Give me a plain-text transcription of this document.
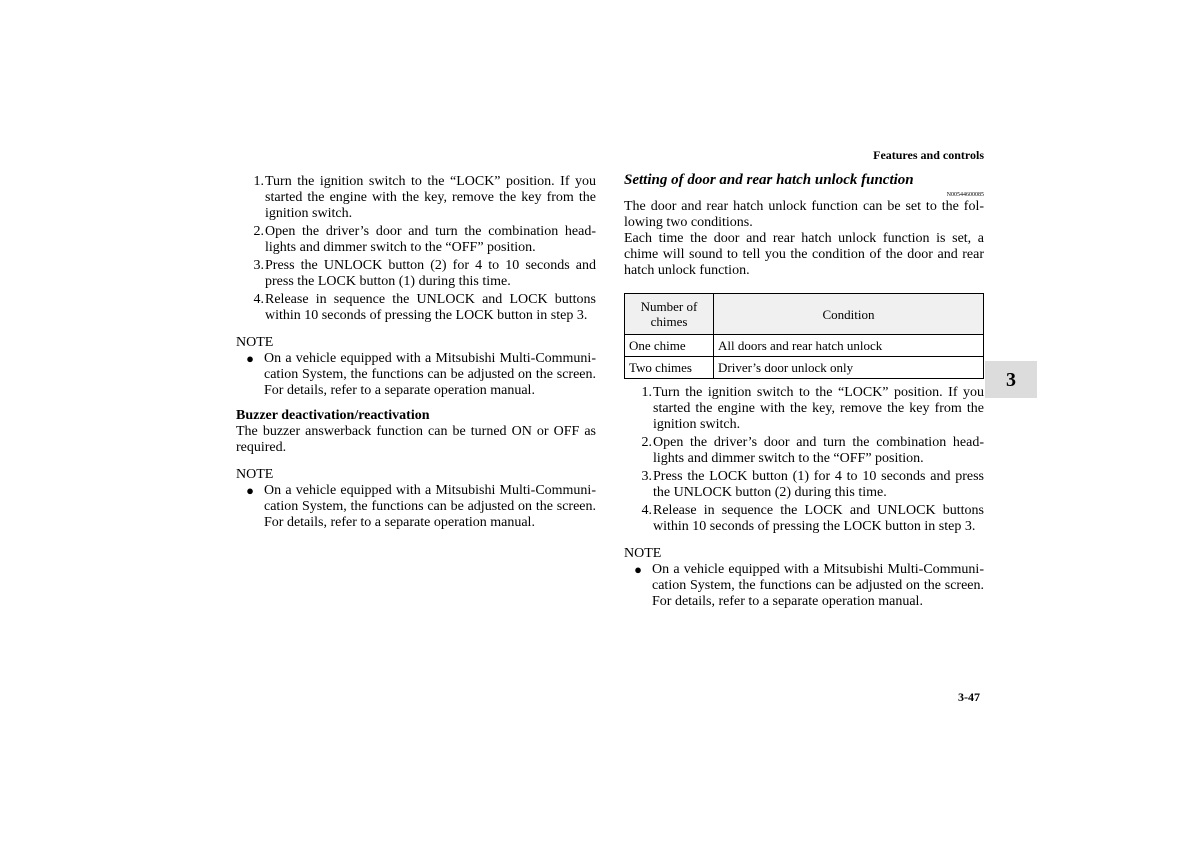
Features and controls
3
1. Turn the ignition switch to the “LOCK” position. If you started the engine with the key, remove the key from the ignition switch.
2. Open the driver’s door and turn the combination head-lights and dimmer switch to the “OFF” position.
3. Press the UNLOCK button (2) for 4 to 10 seconds and press the LOCK button (1) during this time.
4. Release in sequence the UNLOCK and LOCK buttons within 10 seconds of pressing the LOCK button in step 3.
NOTE
● On a vehicle equipped with a Mitsubishi Multi-Communi-cation System, the functions can be adjusted on the screen. For details, refer to a separate operation manual.
Buzzer deactivation/reactivation
The buzzer answerback function can be turned ON or OFF as required.
NOTE
● On a vehicle equipped with a Mitsubishi Multi-Communi-cation System, the functions can be adjusted on the screen. For details, refer to a separate operation manual.
Setting of door and rear hatch unlock function
N00544600085
The door and rear hatch unlock function can be set to the fol-lowing two conditions.
Each time the door and rear hatch unlock function is set, a chime will sound to tell you the condition of the door and rear hatch unlock function.
Number of chimes	Condition
One chime	All doors and rear hatch unlock
Two chimes	Driver’s door unlock only
1. Turn the ignition switch to the “LOCK” position. If you started the engine with the key, remove the key from the ignition switch.
2. Open the driver’s door and turn the combination head-lights and dimmer switch to the “OFF” position.
3. Press the LOCK button (1) for 4 to 10 seconds and press the UNLOCK button (2) during this time.
4. Release in sequence the LOCK and UNLOCK buttons within 10 seconds of pressing the LOCK button in step 3.
NOTE
● On a vehicle equipped with a Mitsubishi Multi-Communi-cation System, the functions can be adjusted on the screen. For details, refer to a separate operation manual.
3-47
